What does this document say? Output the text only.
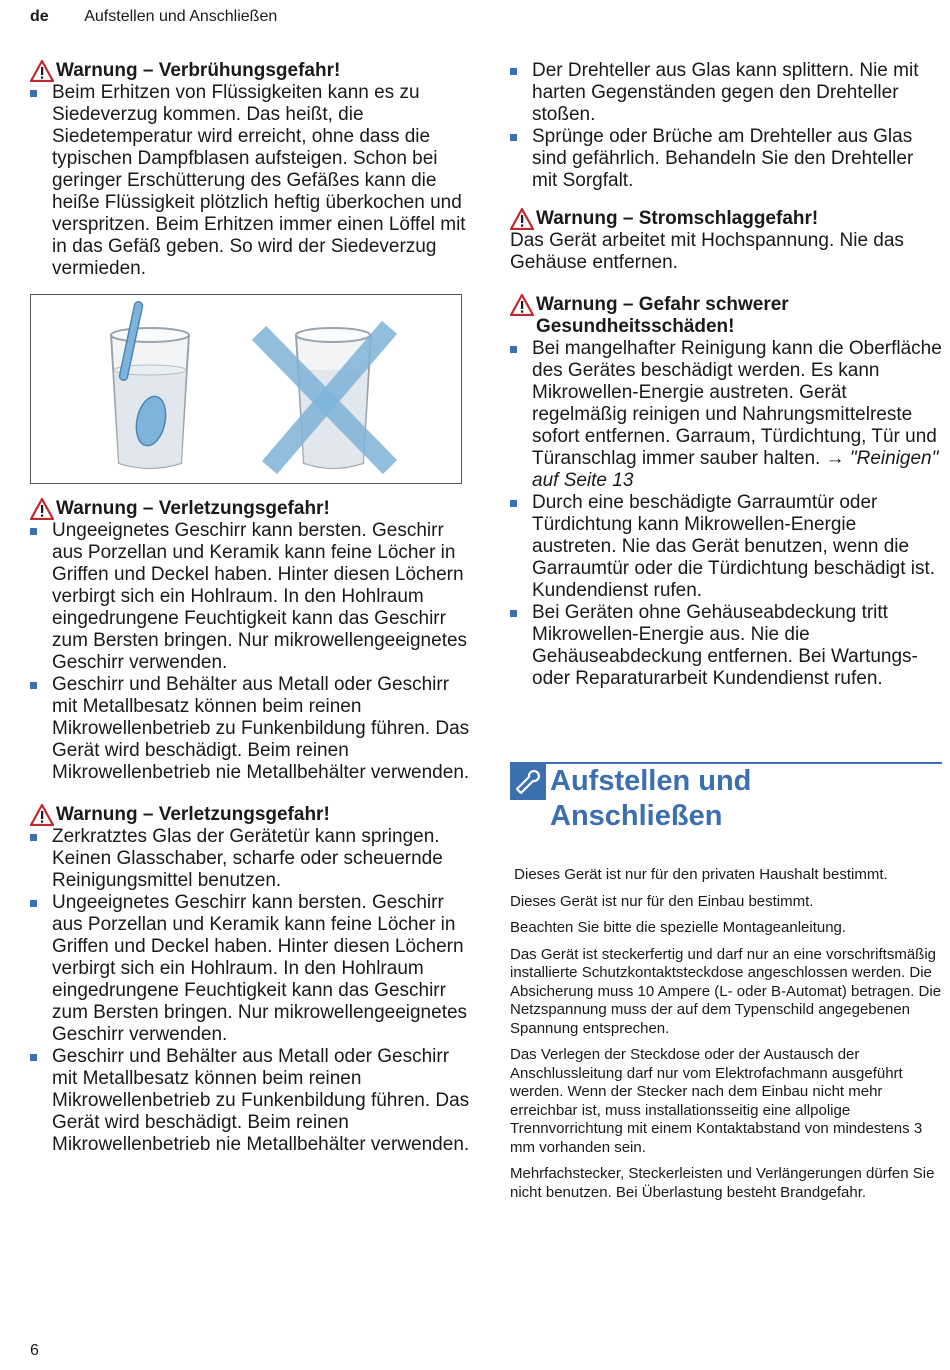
de Aufstellen und Anschließen
Warnung – Verbrühungsgefahr!
Beim Erhitzen von Flüssigkeiten kann es zu Siedeverzug kommen. Das heißt, die Siedetemperatur wird erreicht, ohne dass die typischen Dampfblasen aufsteigen. Schon bei geringer Erschütterung des Gefäßes kann die heiße Flüssigkeit plötzlich heftig überkochen und verspritzen. Beim Erhitzen immer einen Löffel mit in das Gefäß geben. So wird der Siedeverzug vermieden.
Warnung – Verletzungsgefahr!
Ungeeignetes Geschirr kann bersten. Geschirr aus Porzellan und Keramik kann feine Löcher in Griffen und Deckel haben. Hinter diesen Löchern verbirgt sich ein Hohlraum. In den Hohlraum eingedrungene Feuchtigkeit kann das Geschirr zum Bersten bringen. Nur mikrowellengeeignetes Geschirr verwenden.
Geschirr und Behälter aus Metall oder Geschirr mit Metallbesatz können beim reinen Mikrowellenbetrieb zu Funkenbildung führen. Das Gerät wird beschädigt. Beim reinen Mikrowellenbetrieb nie Metallbehälter verwenden.
Warnung – Verletzungsgefahr!
Zerkratztes Glas der Gerätetür kann springen. Keinen Glasschaber, scharfe oder scheuernde Reinigungsmittel benutzen.
Ungeeignetes Geschirr kann bersten. Geschirr aus Porzellan und Keramik kann feine Löcher in Griffen und Deckel haben. Hinter diesen Löchern verbirgt sich ein Hohlraum. In den Hohlraum eingedrungene Feuchtigkeit kann das Geschirr zum Bersten bringen. Nur mikrowellengeeignetes Geschirr verwenden.
Geschirr und Behälter aus Metall oder Geschirr mit Metallbesatz können beim reinen Mikrowellenbetrieb zu Funkenbildung führen. Das Gerät wird beschädigt. Beim reinen Mikrowellenbetrieb nie Metallbehälter verwenden.
Der Drehteller aus Glas kann splittern. Nie mit harten Gegenständen gegen den Drehteller stoßen.
Sprünge oder Brüche am Drehteller aus Glas sind gefährlich. Behandeln Sie den Drehteller mit Sorgfalt.
Warnung – Stromschlaggefahr!
Das Gerät arbeitet mit Hochspannung. Nie das Gehäuse entfernen.
Warnung – Gefahr schwerer Gesundheitsschäden!
Bei mangelhafter Reinigung kann die Oberfläche des Gerätes beschädigt werden. Es kann Mikrowellen-Energie austreten. Gerät regelmäßig reinigen und Nahrungsmittelreste sofort entfernen. Garraum, Türdichtung, Tür und Türanschlag immer sauber halten. → "Reinigen"
auf Seite 13
Durch eine beschädigte Garraumtür oder Türdichtung kann Mikrowellen-Energie austreten. Nie das Gerät benutzen, wenn die Garraumtür oder die Türdichtung beschädigt ist. Kundendienst rufen.
Bei Geräten ohne Gehäuseabdeckung tritt Mikrowellen-Energie aus. Nie die Gehäuseabdeckung entfernen. Bei Wartungs- oder Reparaturarbeit Kundendienst rufen.
Aufstellen und
Anschließen
Dieses Gerät ist nur für den privaten Haushalt bestimmt.
Dieses Gerät ist nur für den Einbau bestimmt.
Beachten Sie bitte die spezielle Montageanleitung.
Das Gerät ist steckerfertig und darf nur an eine vorschriftsmäßig installierte Schutzkontaktsteckdose angeschlossen werden. Die Absicherung muss 10 Ampere (L- oder B-Automat) betragen. Die Netzspannung muss der auf dem Typenschild angegebenen Spannung entsprechen.
Das Verlegen der Steckdose oder der Austausch der Anschlussleitung darf nur vom Elektrofachmann ausgeführt werden. Wenn der Stecker nach dem Einbau nicht mehr erreichbar ist, muss installationsseitig eine allpolige Trennvorrichtung mit einem Kontaktabstand von mindestens 3 mm vorhanden sein.
Mehrfachstecker, Steckerleisten und Verlängerungen dürfen Sie nicht benutzen. Bei Überlastung besteht Brandgefahr.
6
